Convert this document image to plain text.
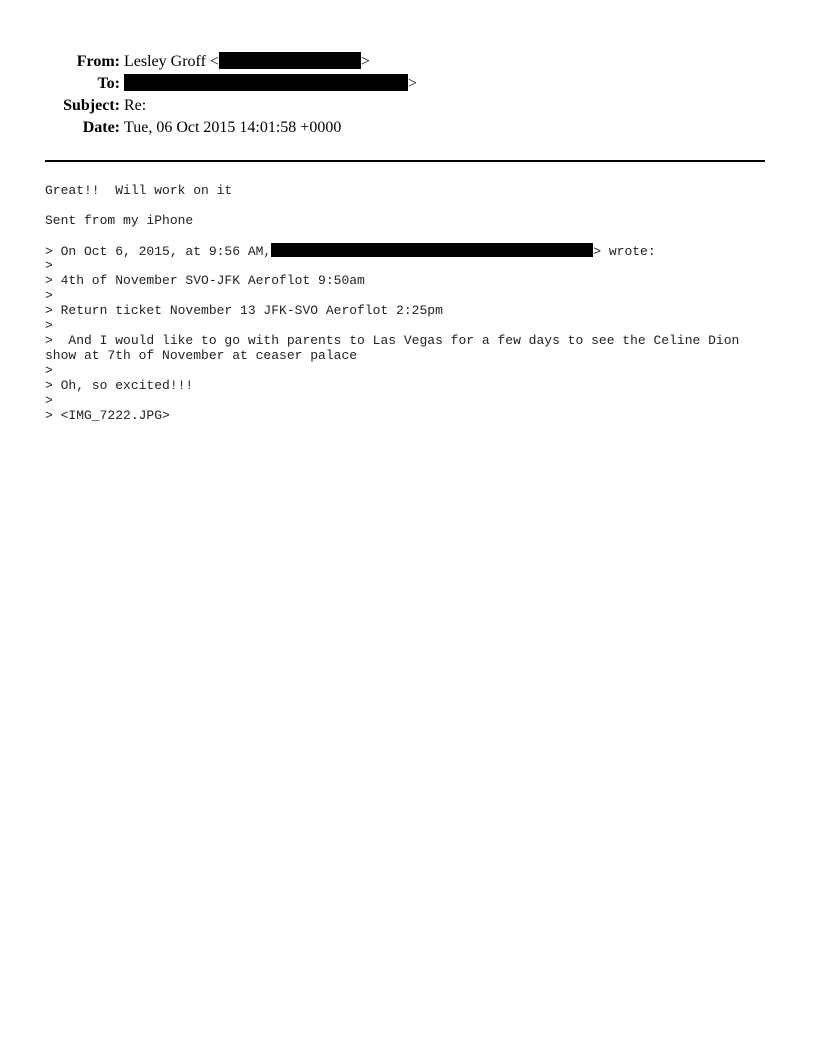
From: Lesley Groff <	>
To:	>
Subject: Re:
Date: Tue, 06 Oct 2015 14:01:58 +0000
Great!!  Will work on it
Sent from my iPhone
> On Oct 6, 2015, at 9:56 AM,	> wrote:
>
> 4th of November SVO-JFK Aeroflot 9:50am
>
> Return ticket November 13 JFK-SVO Aeroflot 2:25pm
>
>  And I would like to go with parents to Las Vegas for a few days to see the Celine Dion
show at 7th of November at ceaser palace
>
> Oh, so excited!!!
>
> <IMG_7222.JPG>
